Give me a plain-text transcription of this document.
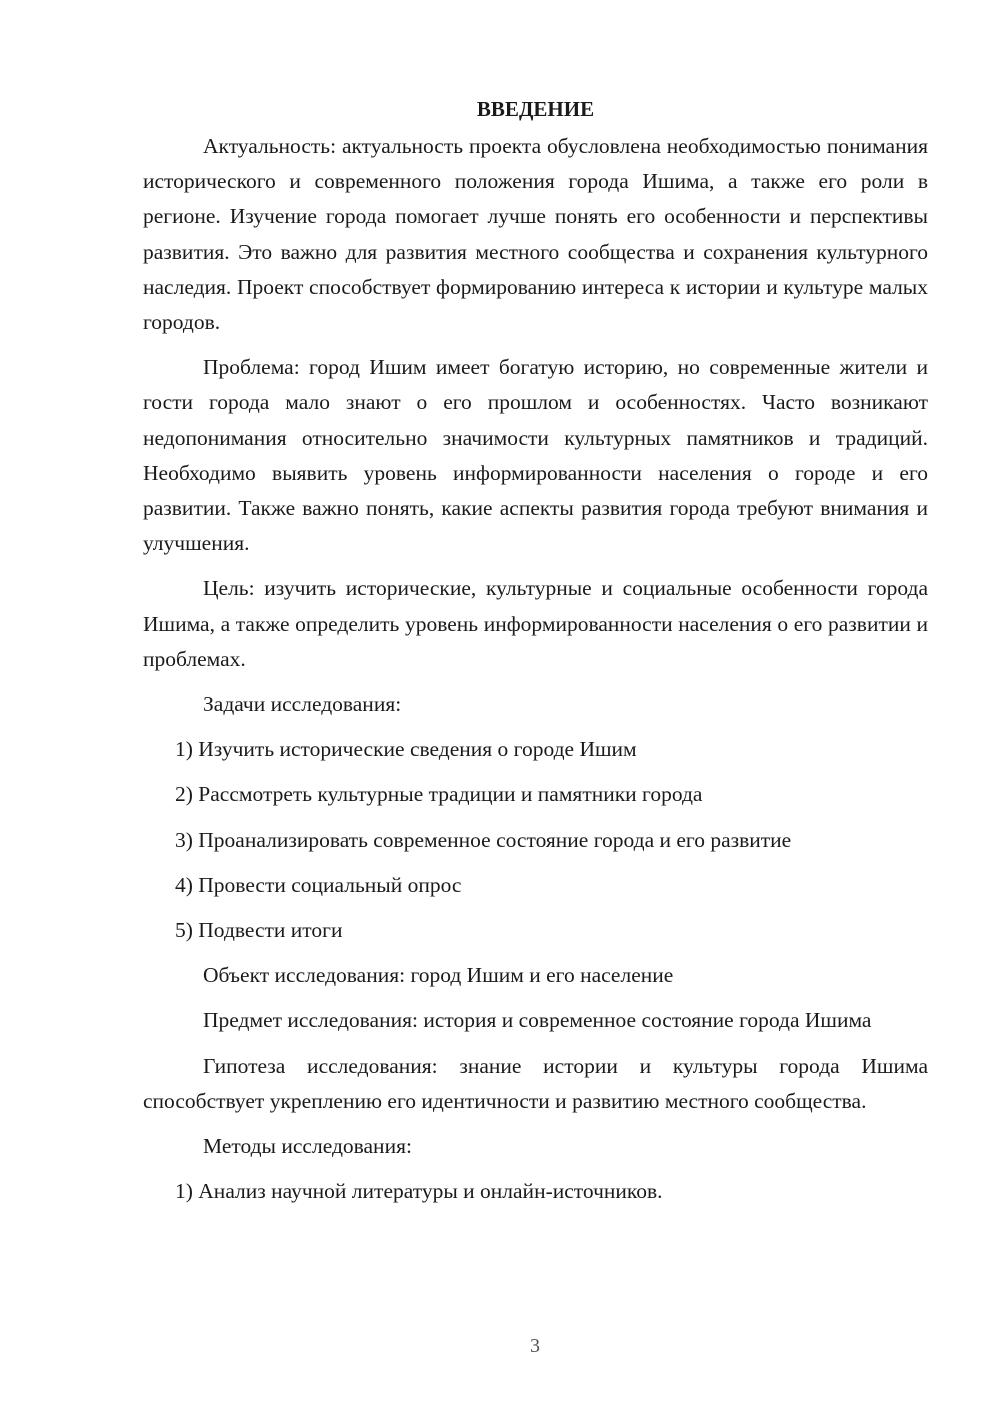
ВВЕДЕНИЕ

Актуальность: актуальность проекта обусловлена необходимостью понимания исторического и современного положения города Ишима, а также его роли в регионе. Изучение города помогает лучше понять его особенности и перспективы развития. Это важно для развития местного сообщества и сохранения культурного наследия. Проект способствует формированию интереса к истории и культуре малых городов.

Проблема: город Ишим имеет богатую историю, но современные жители и гости города мало знают о его прошлом и особенностях. Часто возникают недопонимания относительно значимости культурных памятников и традиций. Необходимо выявить уровень информированности населения о городе и его развитии. Также важно понять, какие аспекты развития города требуют внимания и улучшения.

Цель: изучить исторические, культурные и социальные особенности города Ишима, а также определить уровень информированности населения о его развитии и проблемах.

Задачи исследования:

1) Изучить исторические сведения о городе Ишим
2) Рассмотреть культурные традиции и памятники города
3) Проанализировать современное состояние города и его развитие
4) Провести социальный опрос
5) Подвести итоги

Объект исследования: город Ишим и его население

Предмет исследования: история и современное состояние города Ишима

Гипотеза исследования: знание истории и культуры города Ишима способствует укреплению его идентичности и развитию местного сообщества.

Методы исследования:

1) Анализ научной литературы и онлайн-источников.
3
